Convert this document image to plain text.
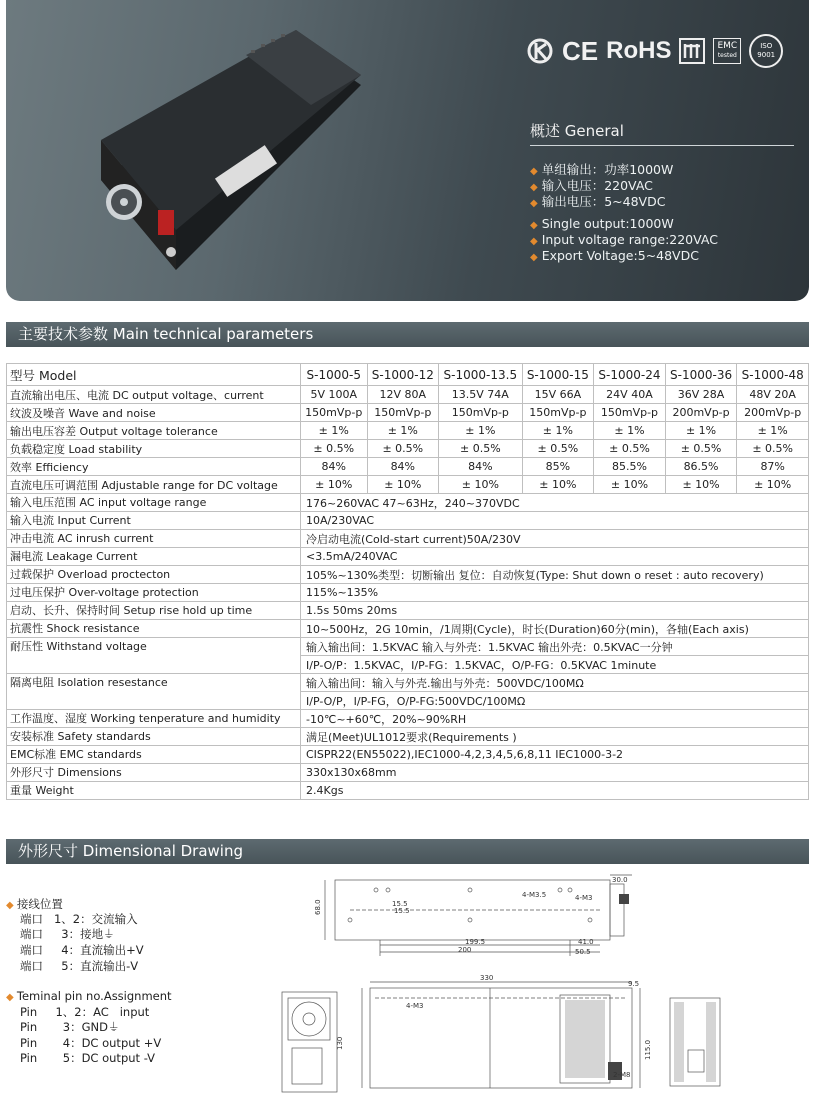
CE RoHS	EMC
tested
ISO 9001
概述 General
◆ 单组输出：功率1000W
◆ 输入电压：220VAC
◆ 输出电压：5~48VDC
◆ Single output:1000W
◆ Input voltage range:220VAC
◆ Export Voltage:5~48VDC
主要技术参数 Main technical parameters
型号 Model	S-1000-5	S-1000-12	S-1000-13.5	S-1000-15	S-1000-24	S-1000-36	S-1000-48
直流输出电压、电流 DC output voltage、current	5V 100A	12V 80A	13.5V 74A	15V 66A	24V 40A	36V 28A	48V 20A
纹波及噪音 Wave and noise	150mVp-p	150mVp-p	150mVp-p	150mVp-p	150mVp-p	200mVp-p	200mVp-p
输出电压容差 Output voltage tolerance	± 1%	± 1%	± 1%	± 1%	± 1%	± 1%	± 1%
负载稳定度 Load stability	± 0.5%	± 0.5%	± 0.5%	± 0.5%	± 0.5%	± 0.5%	± 0.5%
效率 Efficiency	84%	84%	84%	85%	85.5%	86.5%	87%
直流电压可调范围 Adjustable range for DC voltage	± 10%	± 10%	± 10%	± 10%	± 10%	± 10%	± 10%
输入电压范围 AC input voltage range	176~260VAC 47~63Hz，240~370VDC						
输入电流 Input Current	10A/230VAC						
冲击电流 AC inrush current	冷启动电流(Cold-start current)50A/230V						
漏电流 Leakage Current	<3.5mA/240VAC						
过载保护 Overload proctecton	105%~130%类型：切断输出 复位：自动恢复(Type: Shut down o reset : auto recovery)						
过电压保护 Over-voltage protection	115%~135%						
启动、长升、保持时间 Setup rise hold up time	1.5s 50ms 20ms						
抗震性 Shock resistance	10~500Hz，2G 10min，/1周期(Cycle)，时长(Duration)60分(min)，各轴(Each axis)						
耐压性 Withstand voltage	输入输出间：1.5KVAC 输入与外壳：1.5KVAC 输出外壳：0.5KVAC一分钟						
	I/P-O/P：1.5KVAC，I/P-FG：1.5KVAC，O/P-FG：0.5KVAC 1minute						
隔离电阻 Isolation resestance	输入输出间：输入与外壳.输出与外壳：500VDC/100MΩ						
	I/P-O/P，I/P-FG，O/P-FG:500VDC/100MΩ						
工作温度、湿度 Working tenperature and humidity	-10℃~+60℃，20%~90%RH						
安装标准 Safety standards	满足(Meet)UL1012要求(Requirements )						
EMC标准 EMC standards	CISPR22(EN55022),IEC1000-4,2,3,4,5,6,8,11 IEC1000-3-2						
外形尺寸 Dimensions	330x130x68mm						
重量 Weight	2.4Kgs						
外形尺寸 Dimensional Drawing
◆ 接线位置
端口   1、2：交流输入
端口     3：接地⏚
端口     4：直流输出+V
端口     5：直流输出-V
◆ Teminal pin no.Assignment
Pin     1、2：AC   input
Pin       3：GND⏚
Pin       4：DC output +V
Pin       5：DC output -V
30.0
68.0	15.5
15.5
4-M3.5	4-M3
199.5	41.0
200	50.5
330
9.5
4-M3
130	115.0
2-M8
